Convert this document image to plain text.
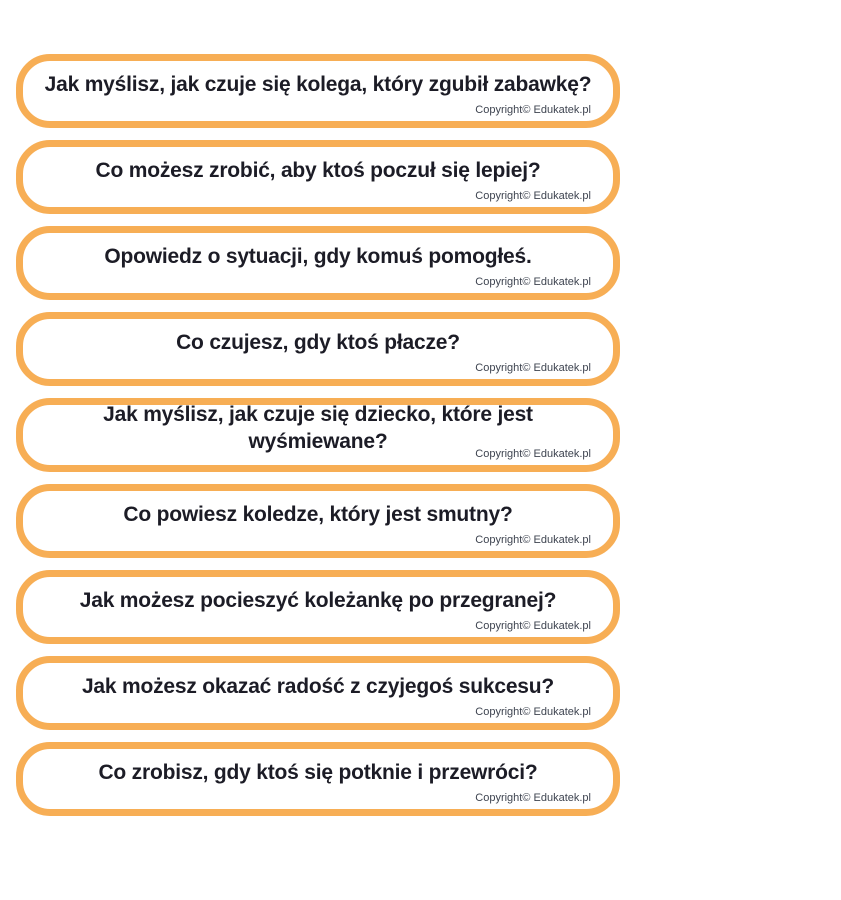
Jak myślisz, jak czuje się kolega, który zgubił zabawkę?
Copyright© Edukatek.pl
Co możesz zrobić, aby ktoś poczuł się lepiej?
Copyright© Edukatek.pl
Opowiedz o sytuacji, gdy komuś pomogłeś.
Copyright© Edukatek.pl
Co czujesz, gdy ktoś płacze?
Copyright© Edukatek.pl
Jak myślisz, jak czuje się dziecko, które jest wyśmiewane?
Copyright© Edukatek.pl
Co powiesz koledze, który jest smutny?
Copyright© Edukatek.pl
Jak możesz pocieszyć koleżankę po przegranej?
Copyright© Edukatek.pl
Jak możesz okazać radość z czyjegoś sukcesu?
Copyright© Edukatek.pl
Co zrobisz, gdy ktoś się potknie i przewróci?
Copyright© Edukatek.pl
